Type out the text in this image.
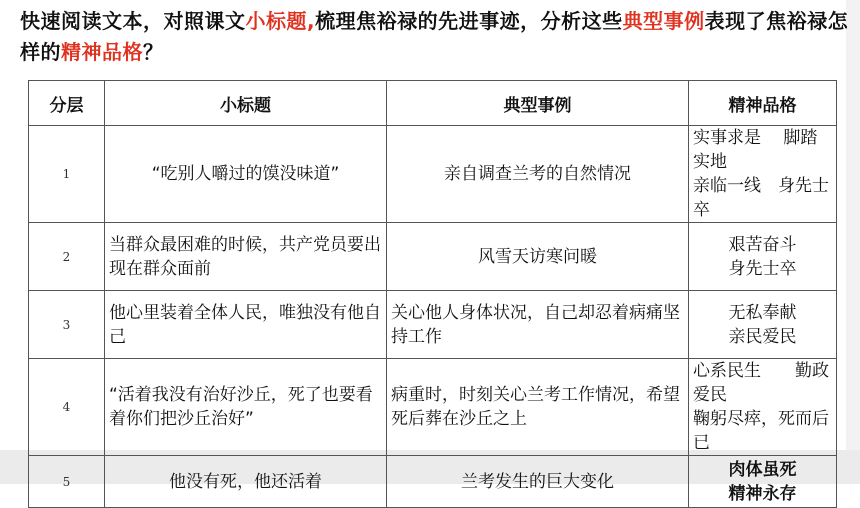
快速阅读文本，对照课文小标题,梳理焦裕禄的先进事迹，分析这些典型事例表现了焦裕禄怎样的精神品格？
分层	小标题	典型事例	精神品格
1	“吃别人嚼过的馍没味道”	亲自调查兰考的自然情况	实事求是　 脚踏实地
亲临一线　身先士卒

2	当群众最困难的时候，共产党员要出现在群众面前	风雪天访寒问暖	艰苦奋斗
身先士卒

3	他心里装着全体人民，唯独没有他自己	关心他人身体状况，自己却忍着病痛坚持工作	无私奉献
亲民爱民

4	“活着我没有治好沙丘，死了也要看着你们把沙丘治好”	病重时，时刻关心兰考工作情况，希望死后葬在沙丘之上	心系民生　　勤政爱民
鞠躬尽瘁，死而后已

5	他没有死，他还活着	兰考发生的巨大变化	肉体虽死
精神永存
